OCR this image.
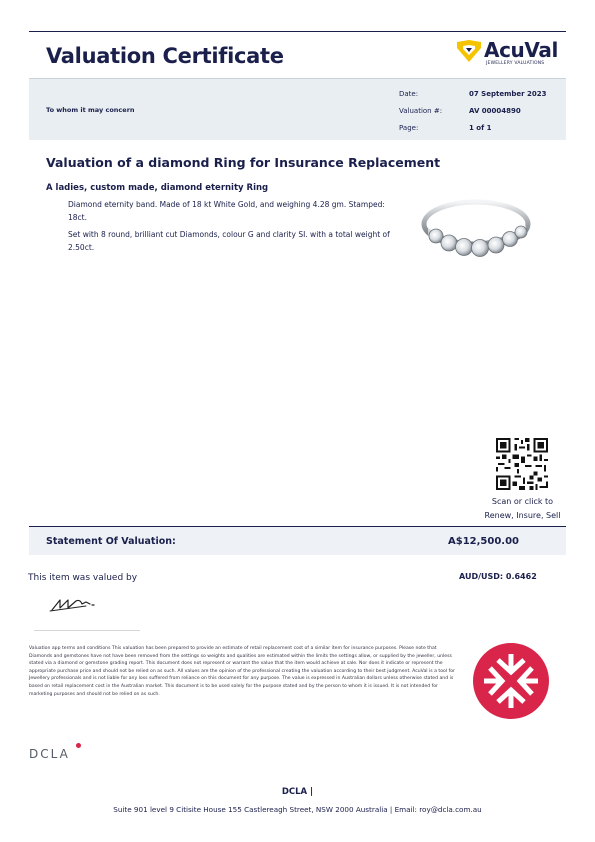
Valuation Certificate	AcuVal
JEWELLERY VALUATIONS
To whom it may concern
Date:	07 September 2023
Valuation #:	AV 00004890
Page:	1 of 1
Valuation of a diamond Ring for Insurance Replacement
A ladies, custom made, diamond eternity Ring
Diamond eternity band. Made of 18 kt White Gold, and weighing 4.28 gm. Stamped: 18ct.
Set with 8 round, brilliant cut Diamonds, colour G and clarity SI. with a total weight of 2.50ct.
Scan or click to
Renew, Insure, Sell
Statement Of Valuation:	A$12,500.00
This item was valued by	AUD/USD: 0.6462
Valuation app terms and conditions This valuation has been prepared to provide an estimate of retail replacement cost of a similar item for insurance purposes. Please note that Diamonds and gemstones have not have been removed from the settings so weights and qualities are estimated within the limits the settings allow, or supplied by the jeweller, unless stated via a diamond or gemstone grading report. This document does not represent or warrant the value that the item would achieve at sale. Nor does it indicate or represent the appropriate purchase price and should not be relied on as such. All values are the opinion of the professional creating the valuation according to their best judgment. AcuVal is a tool for Jewellery professionals and is not liable for any loss suffered from reliance on this document for any purpose. The value is expressed in Australian dollars unless otherwise stated and is based on retail replacement cost in the Australian market. This document is to be used solely for the purpose stated and by the person to whom it is issued. It is not intended for marketing purposes and should not be relied on as such.
DCLA
DCLA |
Suite 901 level 9 Citisite House 155 Castlereagh Street, NSW 2000 Australia | Email: roy@dcla.com.au
